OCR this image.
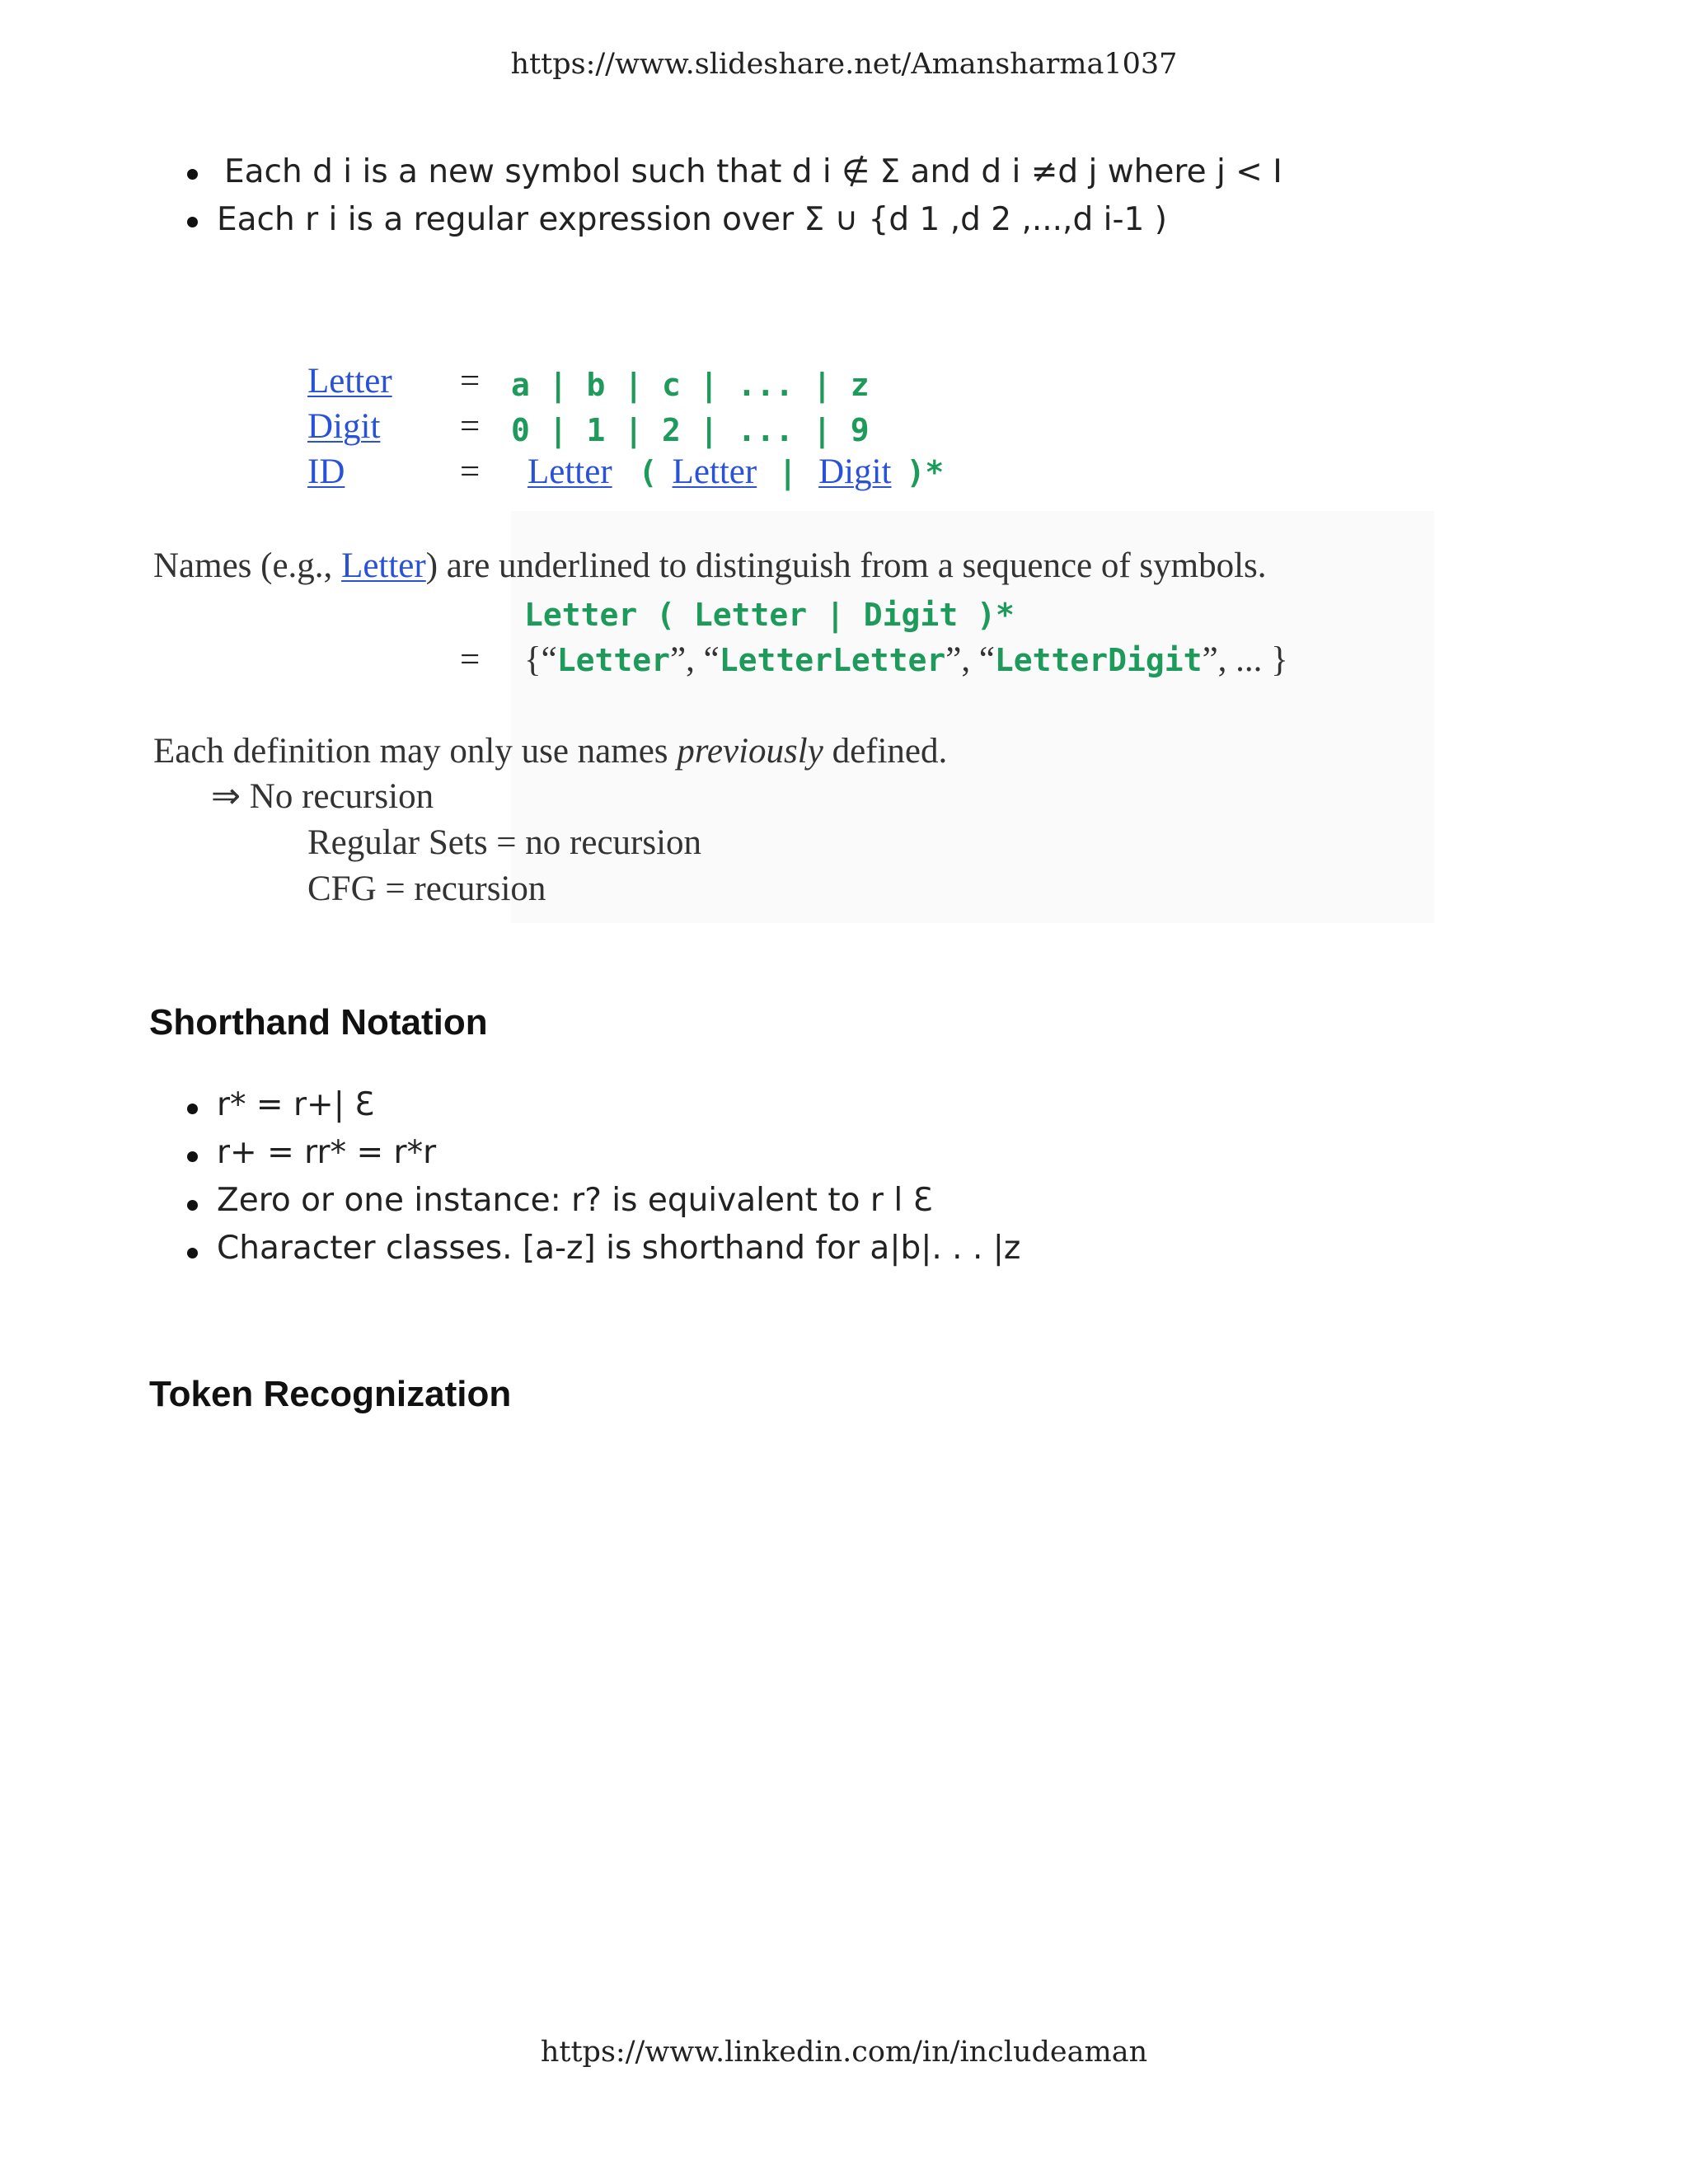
https://www.slideshare.net/Amansharma1037
Each d i is a new symbol such that d i ∉ Σ and d i ≠d j where j < I
Each r i is a regular expression over Σ ∪ {d 1 ,d 2 ,...,d i-1 )
Letter = a | b | c | ... | z
Digit = 0 | 1 | 2 | ... | 9
ID	= Letter ( Letter | Digit )*
Names (e.g., Letter) are underlined to distinguish from a sequence of symbols.
Letter ( Letter | Digit )*
= {“Letter”, “LetterLetter”, “LetterDigit”, ... }
Each definition may only use names previously defined.
⇒ No recursion
Regular Sets = no recursion
CFG = recursion
Shorthand Notation
r* = r+| Ɛ
r+ = rr* = r*r
Zero or one instance: r? is equivalent to r l Ɛ
Character classes. [a-z] is shorthand for a|b|. . . |z
Token Recognization
https://www.linkedin.com/in/includeaman
